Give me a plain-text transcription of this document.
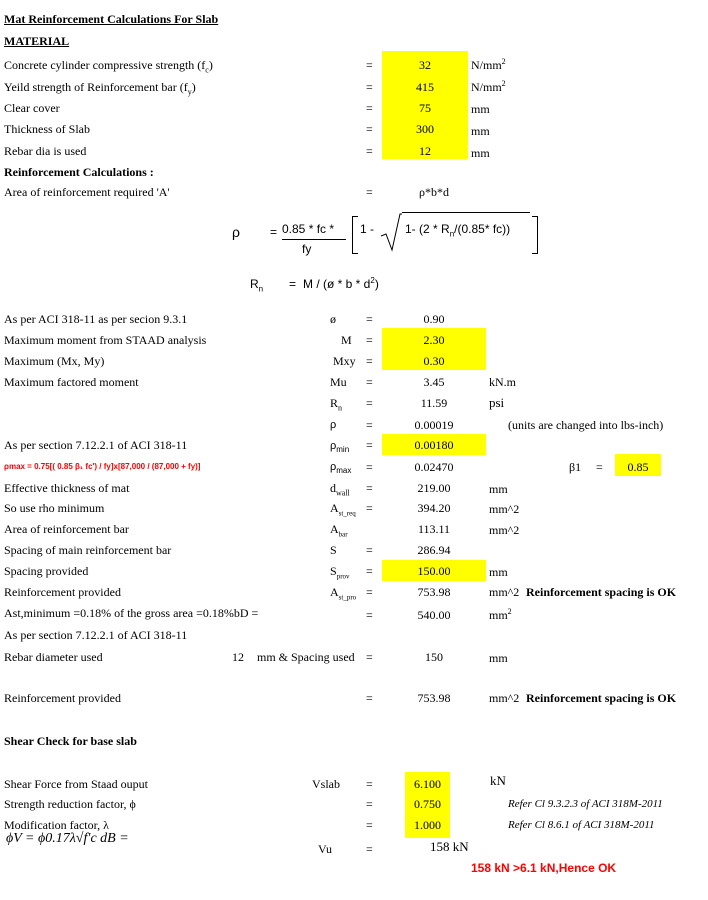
Mat Reinforcement Calculations For Slab
MATERIAL
Concrete cylinder compressive strength $(f_c)$	=	32	$N/mm^2$
Yeild strength of Reinforcement bar $(f_y)$	=	415	$N/mm^2$
Clear cover	=	75	mm
Thickness of Slab	=	300	mm
Rebar dia is used	=	12	mm
Reinforcement Calculations :
Area of reinforcement required 'A'	=	ρ*b*d
ρ	= 0.85 * fc *
fy
1 -	1- ($2 * R_n/(0.85*$ fc))
$R_n = M$ / (ø * b * $d^2$)
As per ACI 318-11 as per secion 9.3.1	ø	=	0.90
Maximum moment from STAAD analysis	M =	2.30
Maximum (Mx, My)	Mxy =	0.30
Maximum factored moment	Mu =	3.45	kN.m
$R_n$ =	11.59	psi
ρ =	0.00019	(units are changed into lbs-inch)
As per section 7.12.2.1 of ACI 318-11	$\rho_{min}$ =	0.00180
ρmax = 0.75[( 0.85 β₁ fc') / fy]x[87,000 / (87,000 + fy)]	$\rho_{max}$ =	0.02470	β1 =	0.85
Effective thickness of mat	$d_{wall}$ =	219.00	mm
So use rho minimum	$A_{st\_req}$ =	394.20	mm^2
Area of reinforcement bar	$A_{bar}$	113.11	mm^2
Spacing of main reinforcement bar	S =	286.94
Spacing provided	$S_{prov}$ =	150.00	mm
Reinforcement provided	$A_{st\_pro}$ =	753.98	mm^2 Reinforcement spacing is OK
Ast,minimum =0.18% of the gross area =0.18%bD =	=	540.00	$mm^2$
As per section 7.12.2.1 of ACI 318-11
Rebar diameter used	12 mm & Spacing used =	150	mm
Reinforcement provided	=	753.98	mm^2 Reinforcement spacing is OK
Shear Check for base slab
Shear Force from Staad ouput	Vslab =	6.100	kN
Strength reduction factor, ϕ	=	0.750	Refer Cl 9.3.2.3 of ACI 318M-2011
Modification factor, λ	=	1.000	Refer Cl 8.6.1 of ACI 318M-2011
ϕV = ϕ0.17λ√f′c dB =
Vu	=	158 kN
158 kN >6.1 kN,Hence OK
